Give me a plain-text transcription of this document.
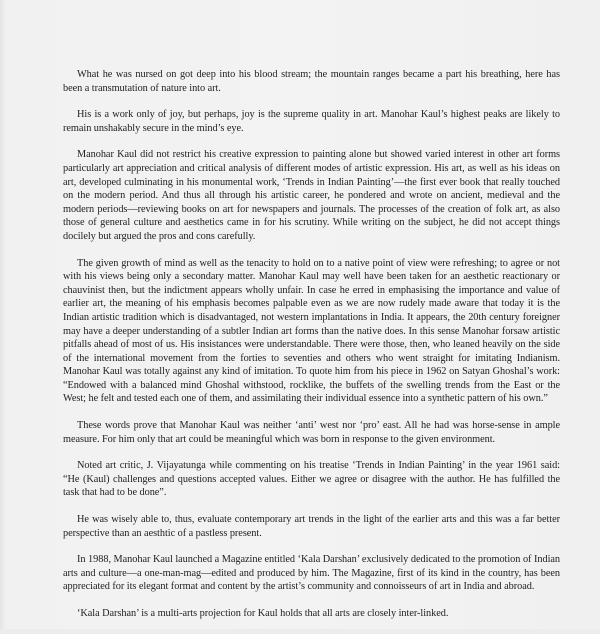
What he was nursed on got deep into his blood stream; the mountain ranges became a part his breathing, here has been a transmutation of nature into art.

His is a work only of joy, but perhaps, joy is the supreme quality in art. Manohar Kaul’s highest peaks are likely to remain unshakably secure in the mind’s eye.

Manohar Kaul did not restrict his creative expression to painting alone but showed varied interest in other art forms particularly art appreciation and critical analysis of different modes of artistic expression. His art, as well as his ideas on art, developed culminating in his monumental work, ‘Trends in Indian Painting’—the first ever book that really touched on the modern period. And thus all through his artistic career, he pondered and wrote on ancient, medieval and the modern periods—reviewing books on art for newspapers and journals. The processes of the creation of folk art, as also those of general culture and aesthetics came in for his scrutiny. While writing on the subject, he did not accept things docilely but argued the pros and cons carefully.

The given growth of mind as well as the tenacity to hold on to a native point of view were refreshing; to agree or not with his views being only a secondary matter. Manohar Kaul may well have been taken for an aesthetic reactionary or chauvinist then, but the indictment appears wholly unfair. In case he erred in emphasising the importance and value of earlier art, the meaning of his emphasis becomes palpable even as we are now rudely made aware that today it is the Indian artistic tradition which is disadvantaged, not western implantations in India. It appears, the 20th century foreigner may have a deeper understanding of a subtler Indian art forms than the native does. In this sense Manohar forsaw artistic pitfalls ahead of most of us. His insistances were understandable. There were those, then, who leaned heavily on the side of the international movement from the forties to seventies and others who went straight for imitating Indianism. Manohar Kaul was totally against any kind of imitation. To quote him from his piece in 1962 on Satyan Ghoshal’s work: “Endowed with a balanced mind Ghoshal withstood, rocklike, the buffets of the swelling trends from the East or the West; he felt and tested each one of them, and assimilating their individual essence into a synthetic pattern of his own.”

These words prove that Manohar Kaul was neither ‘anti’ west nor ‘pro’ east. All he had was horse-sense in ample measure. For him only that art could be meaningful which was born in response to the given environment.

Noted art critic, J. Vijayatunga while commenting on his treatise ‘Trends in Indian Painting’ in the year 1961 said: “He (Kaul) challenges and questions accepted values. Either we agree or disagree with the author. He has fulfilled the task that had to be done”.

He was wisely able to, thus, evaluate contemporary art trends in the light of the earlier arts and this was a far better perspective than an aesthtic of a pastless present.

In 1988, Manohar Kaul launched a Magazine entitled ‘Kala Darshan’ exclusively dedicated to the promotion of Indian arts and culture—a one-man-mag—edited and produced by him. The Magazine, first of its kind in the country, has been appreciated for its elegant format and content by the artist’s community and connoisseurs of art in India and abroad.

‘Kala Darshan’ is a multi-arts projection for Kaul holds that all arts are closely inter-linked.
